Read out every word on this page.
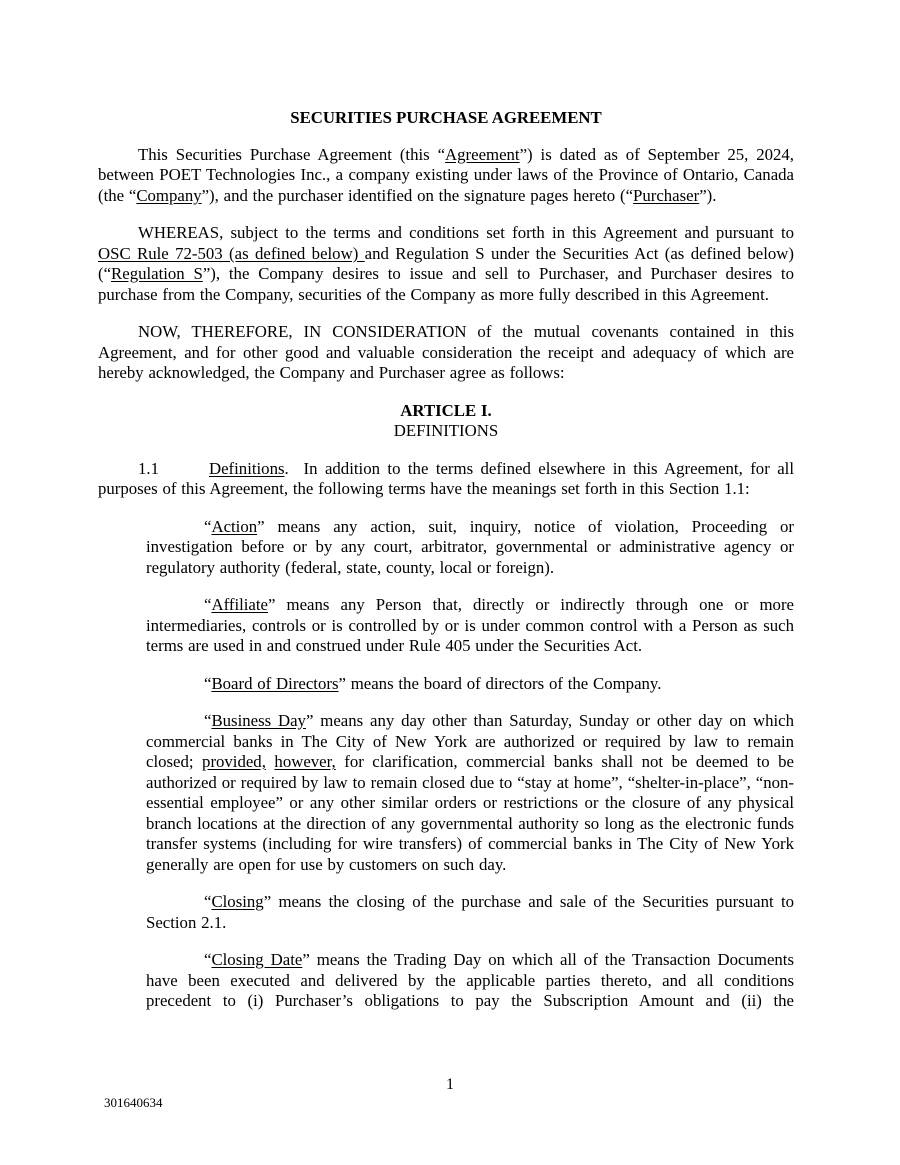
SECURITIES PURCHASE AGREEMENT

This Securities Purchase Agreement (this “Agreement”) is dated as of September 25, 2024, between POET Technologies Inc., a company existing under laws of the Province of Ontario, Canada (the “Company”), and the purchaser identified on the signature pages hereto (“Purchaser”).

WHEREAS, subject to the terms and conditions set forth in this Agreement and pursuant to OSC Rule 72-503 (as defined below) and Regulation S under the Securities Act (as defined below) (“Regulation S”), the Company desires to issue and sell to Purchaser, and Purchaser desires to purchase from the Company, securities of the Company as more fully described in this Agreement.

NOW, THEREFORE, IN CONSIDERATION of the mutual covenants contained in this Agreement, and for other good and valuable consideration the receipt and adequacy of which are hereby acknowledged, the Company and Purchaser agree as follows:

ARTICLE I.

DEFINITIONS

1.1	Definitions.  In addition to the terms defined elsewhere in this Agreement, for all purposes of this Agreement, the following terms have the meanings set forth in this Section 1.1:

“Action” means any action, suit, inquiry, notice of violation, Proceeding or investigation before or by any court, arbitrator, governmental or administrative agency or regulatory authority (federal, state, county, local or foreign).

“Affiliate” means any Person that, directly or indirectly through one or more intermediaries, controls or is controlled by or is under common control with a Person as such terms are used in and construed under Rule 405 under the Securities Act.

“Board of Directors” means the board of directors of the Company.

“Business Day” means any day other than Saturday, Sunday or other day on which commercial banks in The City of New York are authorized or required by law to remain closed; provided, however, for clarification, commercial banks shall not be deemed to be authorized or required by law to remain closed due to “stay at home”, “shelter-in-place”, “non-essential employee” or any other similar orders or restrictions or the closure of any physical branch locations at the direction of any governmental authority so long as the electronic funds transfer systems (including for wire transfers) of commercial banks in The City of New York generally are open for use by customers on such day.

“Closing” means the closing of the purchase and sale of the Securities pursuant to Section 2.1.

“Closing Date” means the Trading Day on which all of the Transaction Documents have been executed and delivered by the applicable parties thereto, and all conditions precedent to (i) Purchaser’s obligations to pay the Subscription Amount and (ii) the

1
301640634
